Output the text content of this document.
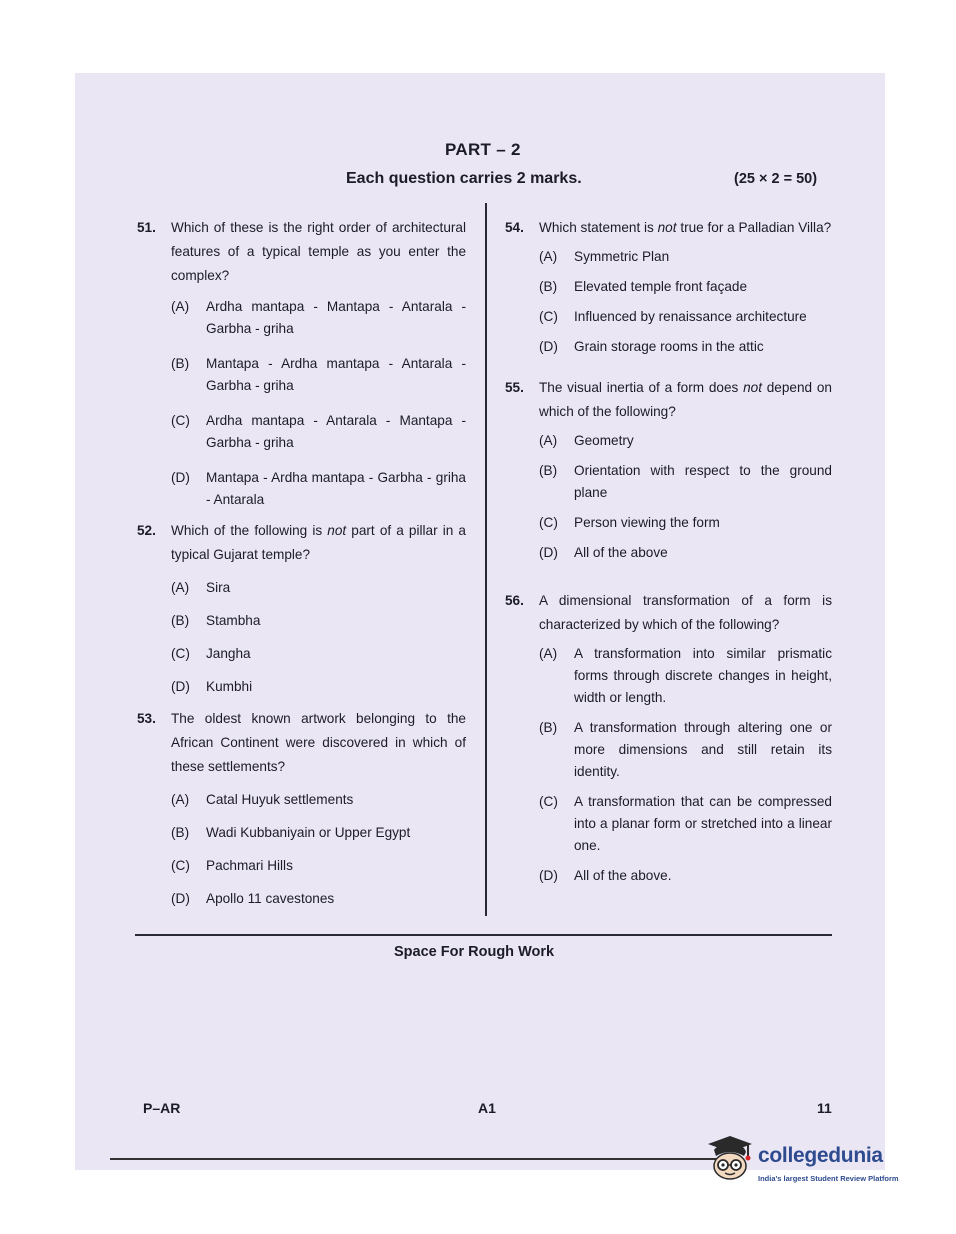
PART – 2
Each question carries 2 marks.	(25 × 2 = 50)
51.	Which of these is the right order of architectural features of a typical temple as you enter the complex?
(A)	Ardha mantapa - Mantapa - Antarala - Garbha - griha
(B)	Mantapa - Ardha mantapa - Antarala - Garbha - griha
(C)	Ardha mantapa - Antarala - Mantapa - Garbha - griha
(D)	Mantapa - Ardha mantapa - Garbha - griha - Antarala
52.	Which of the following is not part of a pillar in a typical Gujarat temple?
(A)	Sira
(B)	Stambha
(C)	Jangha
(D)	Kumbhi
53.	The oldest known artwork belonging to the African Continent were discovered in which of these settlements?
(A)	Catal Huyuk settlements
(B)	Wadi Kubbaniyain or Upper Egypt
(C)	Pachmari Hills
(D)	Apollo 11 cavestones
54.	Which statement is not true for a Palladian Villa?
(A)	Symmetric Plan
(B)	Elevated temple front façade
(C)	Influenced by renaissance architecture
(D)	Grain storage rooms in the attic
55.	The visual inertia of a form does not depend on which of the following?
(A)	Geometry
(B)	Orientation with respect to the ground plane
(C)	Person viewing the form
(D)	All of the above
56.	A dimensional transformation of a form is characterized by which of the following?
(A)	A transformation into similar prismatic forms through discrete changes in height, width or length.
(B)	A transformation through altering one or more dimensions and still retain its identity.
(C)	A transformation that can be compressed into a planar form or stretched into a linear one.
(D)	All of the above.
Space For Rough Work
P–AR	A1	11
collegedunia
India's largest Student Review Platform
